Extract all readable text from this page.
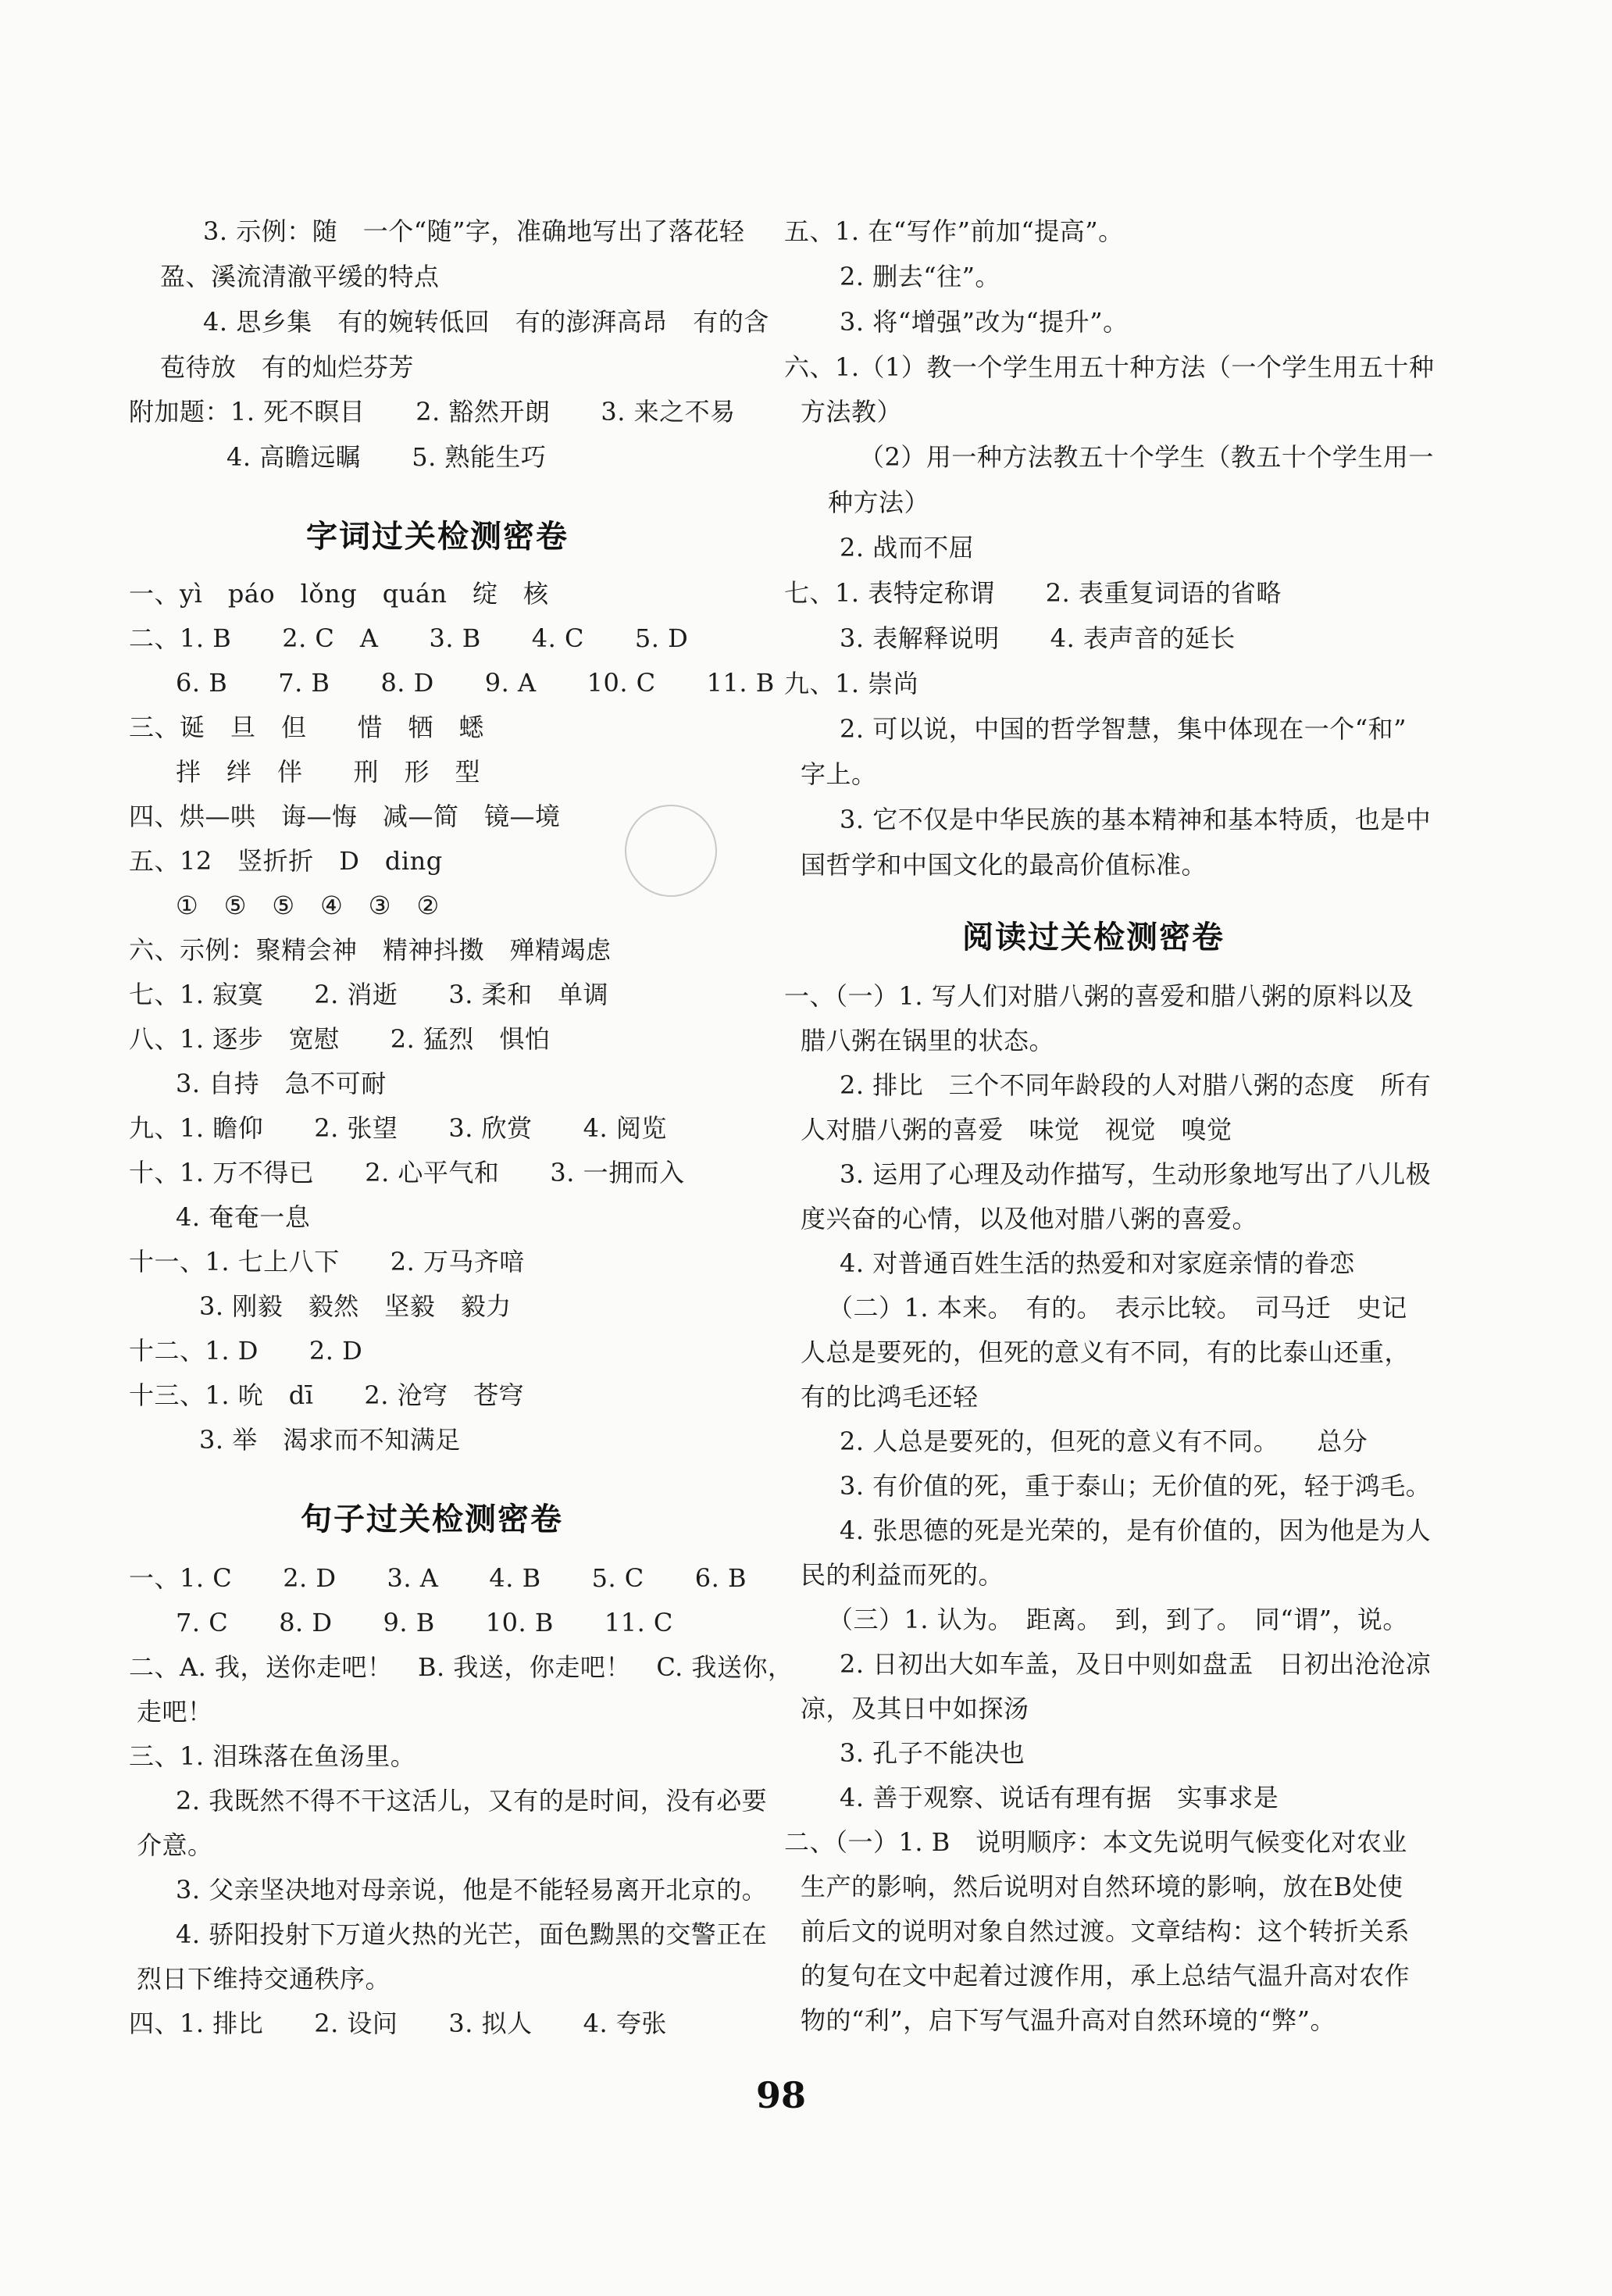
3. 示例：随　一个“随”字，准确地写出了落花轻
盈、溪流清澈平缓的特点
4. 思乡集　有的婉转低回　有的澎湃高昂　有的含
苞待放　有的灿烂芬芳
附加题：1. 死不瞑目　　2. 豁然开朗　　3. 来之不易
4. 高瞻远瞩　　5. 熟能生巧
字词过关检测密卷
一、yì　páo　lǒng　quán　绽　核
二、1. B　　2. C　A　　3. B　　4. C　　5. D
6. B　　7. B　　8. D　　9. A　　10. C　　11. B
三、诞　旦　但　　惜　牺　蟋
拌　绊　伴　　刑　形　型
四、烘—哄　诲—悔　减—简　镜—境
五、12　竖折折　D　ding
①　⑤　⑤　④　③　②
六、示例：聚精会神　精神抖擞　殚精竭虑
七、1. 寂寞　　2. 消逝　　3. 柔和　单调
八、1. 逐步　宽慰　　2. 猛烈　惧怕
3. 自持　急不可耐
九、1. 瞻仰　　2. 张望　　3. 欣赏　　4. 阅览
十、1. 万不得已　　2. 心平气和　　3. 一拥而入
4. 奄奄一息
十一、1. 七上八下　　2. 万马齐喑
3. 刚毅　毅然　坚毅　毅力
十二、1. D　　2. D
十三、1. 吮　dī　　2. 沧穹　苍穹
3. 举　渴求而不知满足
句子过关检测密卷
一、1. C　　2. D　　3. A　　4. B　　5. C　　6. B
7. C　　8. D　　9. B　　10. B　　11. C
二、A. 我，送你走吧！　B. 我送，你走吧！　C. 我送你，
走吧！
三、1. 泪珠落在鱼汤里。
2. 我既然不得不干这活儿，又有的是时间，没有必要
介意。
3. 父亲坚决地对母亲说，他是不能轻易离开北京的。
4. 骄阳投射下万道火热的光芒，面色黝黑的交警正在
烈日下维持交通秩序。
四、1. 排比　　2. 设问　　3. 拟人　　4. 夸张

五、1. 在“写作”前加“提高”。
2. 删去“往”。
3. 将“增强”改为“提升”。
六、1.（1）教一个学生用五十种方法（一个学生用五十种
方法教）
（2）用一种方法教五十个学生（教五十个学生用一
种方法）
2. 战而不屈
七、1. 表特定称谓　　2. 表重复词语的省略
3. 表解释说明　　4. 表声音的延长
九、1. 崇尚
2. 可以说，中国的哲学智慧，集中体现在一个“和”
字上。
3. 它不仅是中华民族的基本精神和基本特质，也是中
国哲学和中国文化的最高价值标准。
阅读过关检测密卷
一、（一）1. 写人们对腊八粥的喜爱和腊八粥的原料以及
腊八粥在锅里的状态。
2. 排比　三个不同年龄段的人对腊八粥的态度　所有
人对腊八粥的喜爱　味觉　视觉　嗅觉
3. 运用了心理及动作描写，生动形象地写出了八儿极
度兴奋的心情，以及他对腊八粥的喜爱。
4. 对普通百姓生活的热爱和对家庭亲情的眷恋
（二）1. 本来。　有的。　表示比较。　司马迁　史记
人总是要死的，但死的意义有不同，有的比泰山还重，
有的比鸿毛还轻
2. 人总是要死的，但死的意义有不同。　　总分
3. 有价值的死，重于泰山；无价值的死，轻于鸿毛。
4. 张思德的死是光荣的，是有价值的，因为他是为人
民的利益而死的。
（三）1. 认为。　距离。　到，到了。　同“谓”，说。
2. 日初出大如车盖，及日中则如盘盂　日初出沧沧凉
凉，及其日中如探汤
3. 孔子不能决也
4. 善于观察、说话有理有据　实事求是
二、（一）1. B　说明顺序：本文先说明气候变化对农业
生产的影响，然后说明对自然环境的影响，放在B处使
前后文的说明对象自然过渡。文章结构：这个转折关系
的复句在文中起着过渡作用，承上总结气温升高对农作
物的“利”，启下写气温升高对自然环境的“弊”。
98
